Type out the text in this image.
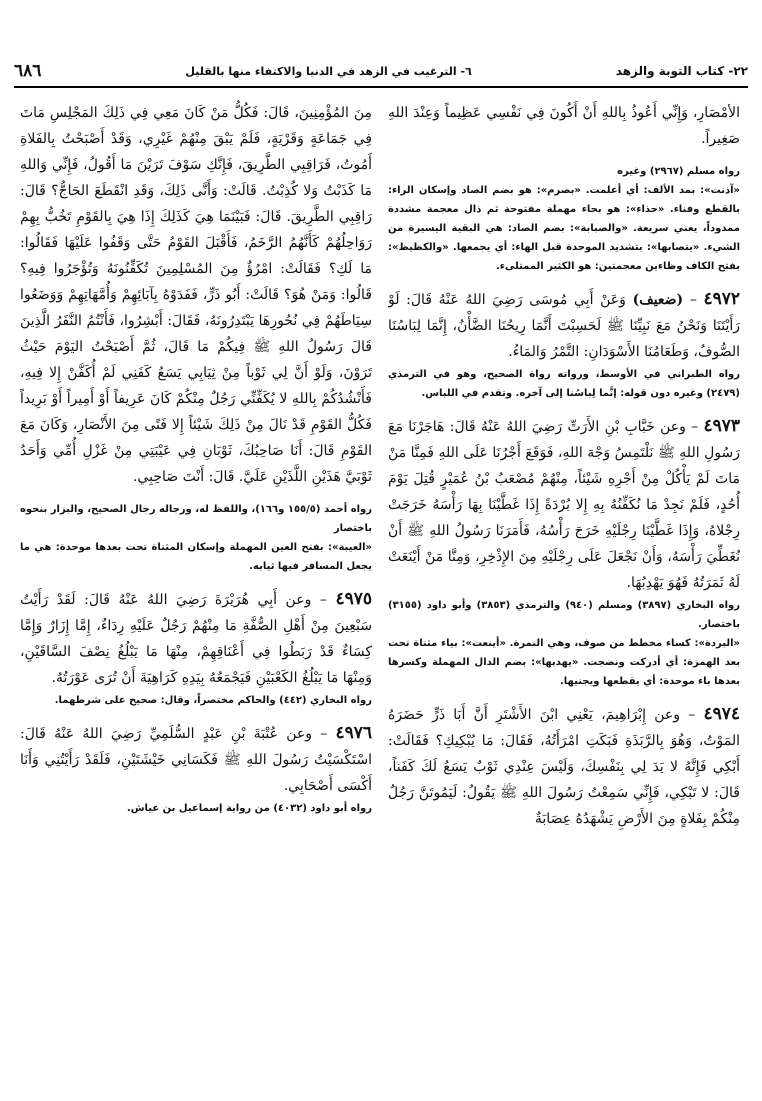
٢٢- كتاب التوبة والزهد
٦- الترغيب في الزهد في الدنيا والاكتفاء منها بالقليل
٦٨٦

الأمْصَارِ، وَإِنِّي أَعُوذُ بِاللهِ أَنْ أَكُونَ فِي نَفْسِي عَظِيماً وَعِنْدَ اللهِ صَغِيراً.

رواه مسلم (٢٩٦٧) وغيره

«آذنت»: بمد الألف: أي أعلمت. «بصرم»: هو بضم الصاد وإسكان الراء: بالقطع وفناء. «حذاء»: هو بحاء مهملة مفتوحة ثم ذال معجمة مشددة ممدوداً، يعني سريعة. «والصبابة»: بضم الصاد: هي البقية اليسيرة من الشيء. «يتصابها»: بتشديد الموحدة قبل الهاء: أي يجمعها. «والكظيظ»: بفتح الكاف وظاءين معجمتين: هو الكثير الممتلىء.

٤٩٧٢ – (ضعيف) وَعَنْ أَبِي مُوسَى رَضِيَ اللهُ عَنْهُ قَالَ: لَوْ رَأَيْتَنَا وَنَحْنُ مَعَ نَبِيِّنَا ﷺ لَحَسِبْتَ أَنَّمَا رِيحُنَا الضَّأْنُ، إِنَّمَا لِبَاسُنَا الصُّوفُ، وَطَعَامُنَا الأَسْوَدَانِ: التَّمْرُ وَالمَاءُ.

رواه الطبراني في الأوسط، ورواته رواة الصحيح، وهو في الترمذي (٢٤٧٩) وغيره دون قوله: إنَّما لِباسُنا إلى آخره. وتقدم في اللباس.

٤٩٧٣ – وعن خَبَّابِ بْنِ الأَرَتِّ رَضِيَ اللهُ عَنْهُ قَالَ: هَاجَرْنَا مَعَ رَسُولِ اللهِ ﷺ نَلْتَمِسُ وَجْهَ اللهِ، فَوَقَعَ أَجْرُنَا عَلَى اللهِ فَمِنَّا مَنْ مَاتَ لَمْ يَأْكُلْ مِنْ أَجْرِهِ شَيْئاً، مِنْهُمْ مُصْعَبُ بْنُ عُمَيْرٍ قُتِلَ يَوْمَ أُحُدٍ، فَلَمْ نَجِدْ مَا نُكَفِّنُهُ بِهِ إِلا بُرْدَةً إِذَا غَطَّيْنَا بِهَا رَأْسَهُ خَرَجَتْ رِجْلاهُ، وَإِذَا غَطَّيْنَا رِجْلَيْهِ خَرَجَ رَأْسُهُ، فَأَمَرَنَا رَسُولُ اللهِ ﷺ أَنْ نُغَطِّيَ رَأْسَهُ، وَأَنْ نَجْعَلَ عَلَى رِجْلَيْهِ مِنَ الإِذْخِرِ، وَمِنَّا مَنْ أَيْنَعَتْ لَهُ ثَمَرَتُهُ فَهُوَ يَهْدِبُهَا.

رواه البخاري (٣٨٩٧) ومسلم (٩٤٠) والترمذي (٣٨٥٣) وأبو داود (٣١٥٥) باختصار.

«البردة»: كساء مخطط من صوف، وهي النمرة. «أينعت»: بياء مثناة تحت بعد الهمزة: أي أدركت ونضجت. «يهدبها»: بضم الدال المهملة وكسرها بعدها باء موحدة: أي يقطعها ويجنيها.

٤٩٧٤ – وعن إِبْرَاهِيمَ، يَعْنِي ابْنَ الأَشْتَرِ أَنَّ أَبَا ذَرٍّ حَضَرَهُ المَوْتُ، وَهُوَ بِالرَّبَذَةِ فَبَكَتِ امْرَأَتُهُ، فَقَالَ: مَا يُبْكِيكِ؟ فَقَالَتْ: أَبْكِي فَإِنَّهُ لا يَدَ لِي بِنَفْسِكَ، وَلَيْسَ عِنْدِي ثَوْبٌ يَسَعُ لَكَ كَفَناً، قَالَ: لا تَبْكِي، فَإِنِّي سَمِعْتُ رَسُولَ اللهِ ﷺ يَقُولُ: لَيَمُوتَنَّ رَجُلٌ مِنْكُمْ بِفَلاةٍ مِنَ الأَرْضِ يَشْهَدُهُ عِصَابَةٌ

مِنَ المُؤْمِنِينَ، قَالَ: فَكُلُّ مَنْ كَانَ مَعِي فِي ذَلِكَ المَجْلِسِ مَاتَ فِي جَمَاعَةٍ وَقَرْيَةٍ، فَلَمْ يَبْقَ مِنْهُمْ غَيْرِي، وَقَدْ أَصْبَحْتُ بِالفَلاةِ أَمُوتُ، فَرَاقِبِي الطَّرِيقَ، فَإِنَّكِ سَوْفَ تَرَيْنَ مَا أَقُولُ، فَإِنِّي وَاللهِ مَا كَذَبْتُ وَلا كُذِبْتُ. قَالَتْ: وَأَنَّى ذَلِكَ، وَقَدِ انْقَطَعَ الحَاجُّ؟ قَالَ: رَاقِبِي الطَّرِيقَ. قَالَ: فَبَيْنَمَا هِيَ كَذَلِكَ إِذَا هِيَ بِالقَوْمِ تَخُبُّ بِهِمْ رَوَاحِلُهُمْ كَأَنَّهُمُ الرَّخَمُ، فَأَقْبَلَ القَوْمُ حَتَّى وَقَفُوا عَلَيْهَا فَقَالُوا: مَا لَكِ؟ فَقَالَتْ: امْرُؤٌ مِنَ المُسْلِمِينَ تُكَفِّنُونَهُ وَتُؤْجَرُوا فِيهِ؟ قَالُوا: وَمَنْ هُوَ؟ قَالَتْ: أَبُو ذَرٍّ، فَفَدَوْهُ بِآبَائِهِمْ وَأُمَّهَاتِهِمْ وَوَضَعُوا سِيَاطَهُمْ فِي نُحُورِهَا يَبْتَدِرُونَهُ، فَقَالَ: أَبْشِرُوا، فَأَنْتُمُ النَّفَرُ الَّذِينَ قَالَ رَسُولُ اللهِ ﷺ فِيكُمْ مَا قَالَ، ثُمَّ أَصْبَحْتُ اليَوْمَ حَيْثُ تَرَوْنَ، وَلَوْ أَنَّ لِي ثَوْباً مِنْ ثِيَابِي يَسَعُ كَفَنِي لَمْ أُكَفَّنْ إِلا فِيهِ، فَأَنْشُدُكُمْ بِاللهِ لا يُكَفِّنِّي رَجُلٌ مِنْكُمْ كَانَ عَرِيفاً أَوْ أَمِيراً أَوْ بَرِيداً فَكُلُّ القَوْمِ قَدْ نَالَ مِنْ ذَلِكَ شَيْئاً إِلا فَتًى مِنَ الأَنْصَارِ، وَكَانَ مَعَ القَوْمِ قَالَ: أَنَا صَاحِبُكَ، ثَوْبَانِ فِي عَيْبَتِي مِنْ غَزْلِ أُمِّي وَأَحَدُ ثَوْبَيَّ هَذَيْنِ اللَّذَيْنِ عَلَيَّ. قَالَ: أَنْتَ صَاحِبِي.

رواه أحمد (١٥٥/٥ و١٦٦)، واللفظ له، ورجاله رجال الصحيح، والبزار بنحوه باختصار

«العيبة»: بفتح العين المهملة وإسكان المثناة تحت بعدها موحدة: هي ما يجعل المسافر فيها ثيابه.

٤٩٧٥ – وعن أَبِي هُرَيْرَةَ رَضِيَ اللهُ عَنْهُ قَالَ: لَقَدْ رَأَيْتُ سَبْعِينَ مِنْ أَهْلِ الصُّفَّةِ مَا مِنْهُمْ رَجُلٌ عَلَيْهِ رِدَاءٌ، إِمَّا إِزَارٌ وَإِمَّا كِسَاءٌ قَدْ رَبَطُوا فِي أَعْنَاقِهِمْ، مِنْهَا مَا يَبْلُغُ نِصْفَ السَّاقَيْنِ، وَمِنْهَا مَا يَبْلُغُ الكَعْبَيْنِ فَيَجْمَعُهُ بِيَدِهِ كَرَاهِيَةَ أَنْ تُرَى عَوْرَتُهُ.

رواه البخاري (٤٤٢) والحاكم مختصراً، وقال: صحيح على شرطهما.

٤٩٧٦ – وعن عُتْبَةَ بْنِ عَبْدٍ السُّلَمِيِّ رَضِيَ اللهُ عَنْهُ قَالَ: اسْتَكْسَيْتُ رَسُولَ اللهِ ﷺ فَكَسَانِي خَيْشَتَيْنِ، فَلَقَدْ رَأَيْتُنِي وَأَنَا أَكْسَى أَصْحَابِي.

رواه أبو داود (٤٠٣٢) من رواية إسماعيل بن عياش.
